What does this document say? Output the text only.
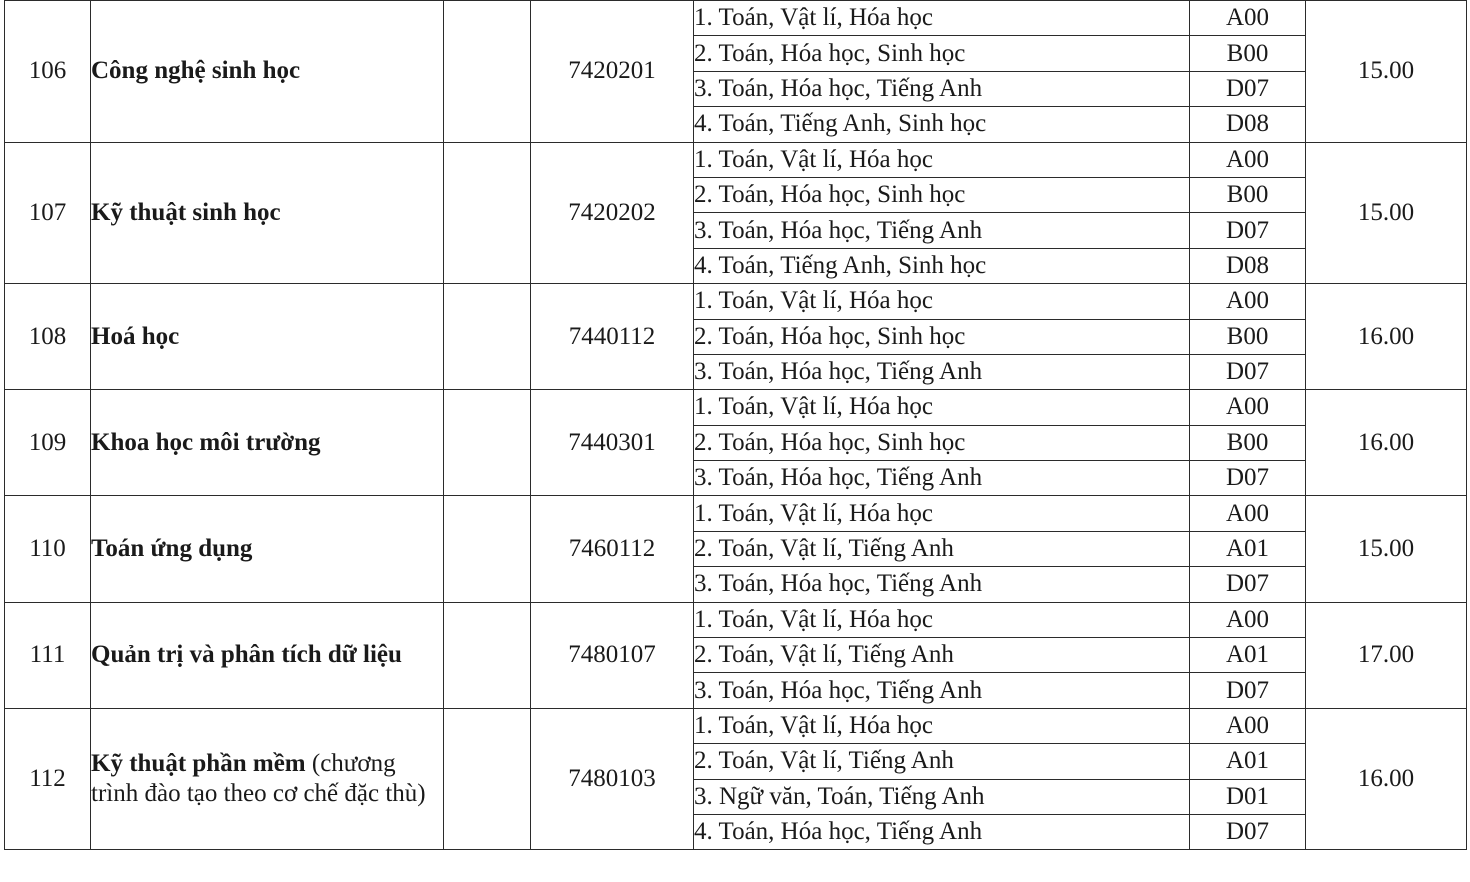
106	Công nghệ sinh học		7420201	1. Toán, Vật lí, Hóa học	A00	15.00
				2. Toán, Hóa học, Sinh học	B00	
				3. Toán, Hóa học, Tiếng Anh	D07	
				4. Toán, Tiếng Anh, Sinh học	D08	
107	Kỹ thuật sinh học		7420202	1. Toán, Vật lí, Hóa học	A00	15.00
				2. Toán, Hóa học, Sinh học	B00	
				3. Toán, Hóa học, Tiếng Anh	D07	
				4. Toán, Tiếng Anh, Sinh học	D08	
108	Hoá học		7440112	1. Toán, Vật lí, Hóa học	A00	16.00
				2. Toán, Hóa học, Sinh học	B00	
				3. Toán, Hóa học, Tiếng Anh	D07	
109	Khoa học môi trường		7440301	1. Toán, Vật lí, Hóa học	A00	16.00
				2. Toán, Hóa học, Sinh học	B00	
				3. Toán, Hóa học, Tiếng Anh	D07	
110	Toán ứng dụng		7460112	1. Toán, Vật lí, Hóa học	A00	15.00
				2. Toán, Vật lí, Tiếng Anh	A01	
				3. Toán, Hóa học, Tiếng Anh	D07	
111	Quản trị và phân tích dữ liệu		7480107	1. Toán, Vật lí, Hóa học	A00	17.00
				2. Toán, Vật lí, Tiếng Anh	A01	
				3. Toán, Hóa học, Tiếng Anh	D07	
112	Kỹ thuật phần mềm (chương trình đào tạo theo cơ chế đặc thù)		7480103	1. Toán, Vật lí, Hóa học	A00	16.00
				2. Toán, Vật lí, Tiếng Anh	A01	
				3. Ngữ văn, Toán, Tiếng Anh	D01	
				4. Toán, Hóa học, Tiếng Anh	D07	
